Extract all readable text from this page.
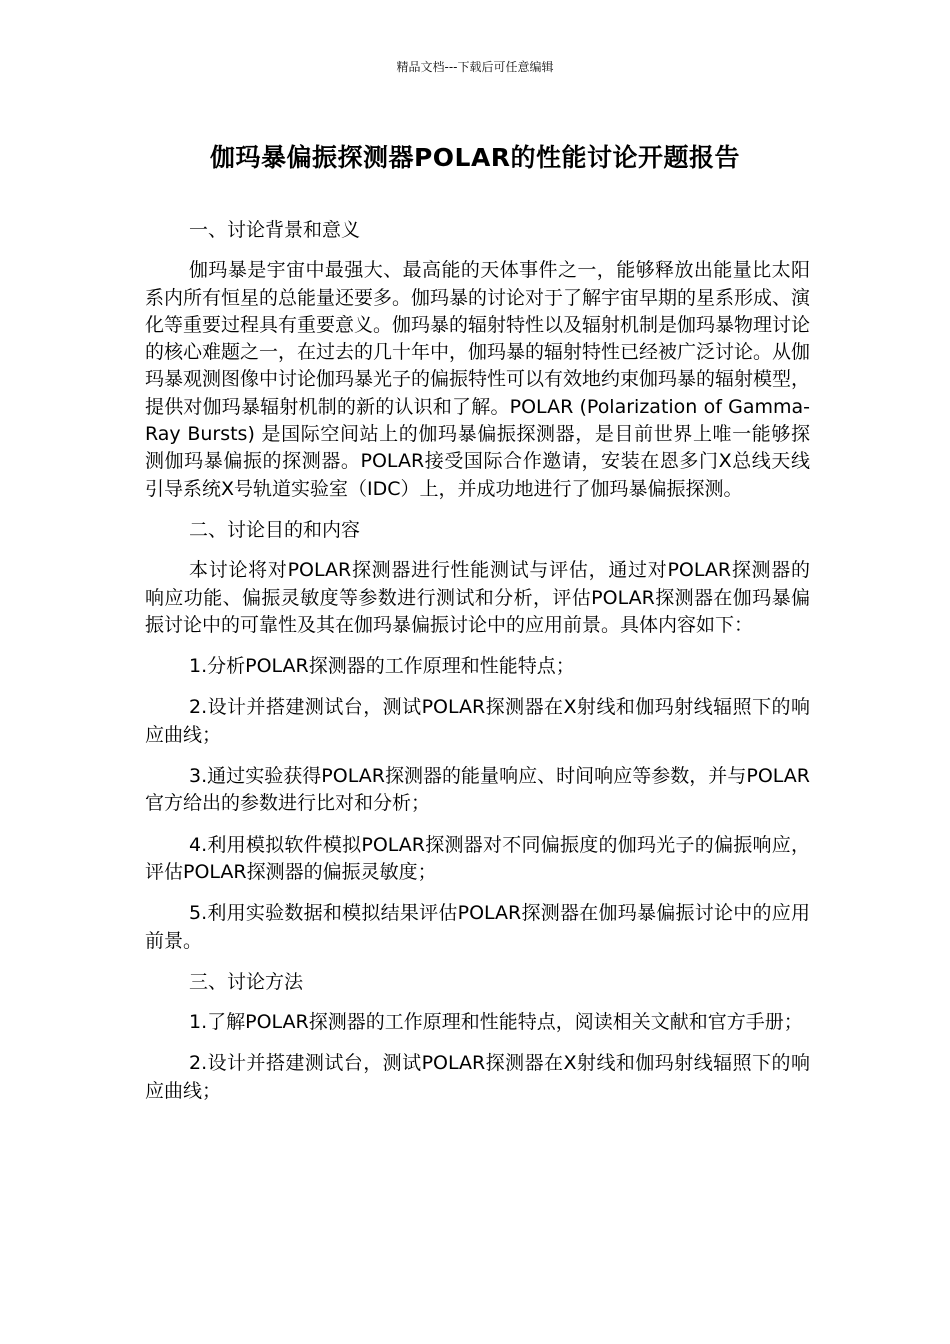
精品文档---下载后可任意编辑
伽玛暴偏振探测器POLAR的性能讨论开题报告
一、讨论背景和意义
伽玛暴是宇宙中最强大、最高能的天体事件之一，能够释放出能量比太阳系内所有恒星的总能量还要多。伽玛暴的讨论对于了解宇宙早期的星系形成、演化等重要过程具有重要意义。伽玛暴的辐射特性以及辐射机制是伽玛暴物理讨论的核心难题之一，在过去的几十年中，伽玛暴的辐射特性已经被广泛讨论。从伽玛暴观测图像中讨论伽玛暴光子的偏振特性可以有效地约束伽玛暴的辐射模型，提供对伽玛暴辐射机制的新的认识和了解。POLAR (Polarization of Gamma-Ray Bursts) 是国际空间站上的伽玛暴偏振探测器，是目前世界上唯一能够探测伽玛暴偏振的探测器。POLAR接受国际合作邀请，安装在恩多门X总线天线引导系统X号轨道实验室（IDC）上，并成功地进行了伽玛暴偏振探测。
二、讨论目的和内容
本讨论将对POLAR探测器进行性能测试与评估，通过对POLAR探测器的响应功能、偏振灵敏度等参数进行测试和分析，评估POLAR探测器在伽玛暴偏振讨论中的可靠性及其在伽玛暴偏振讨论中的应用前景。具体内容如下：
1.分析POLAR探测器的工作原理和性能特点；
2.设计并搭建测试台，测试POLAR探测器在X射线和伽玛射线辐照下的响应曲线；
3.通过实验获得POLAR探测器的能量响应、时间响应等参数，并与POLAR官方给出的参数进行比对和分析；
4.利用模拟软件模拟POLAR探测器对不同偏振度的伽玛光子的偏振响应，评估POLAR探测器的偏振灵敏度；
5.利用实验数据和模拟结果评估POLAR探测器在伽玛暴偏振讨论中的应用前景。
三、讨论方法
1.了解POLAR探测器的工作原理和性能特点，阅读相关文献和官方手册；
2.设计并搭建测试台，测试POLAR探测器在X射线和伽玛射线辐照下的响应曲线；
